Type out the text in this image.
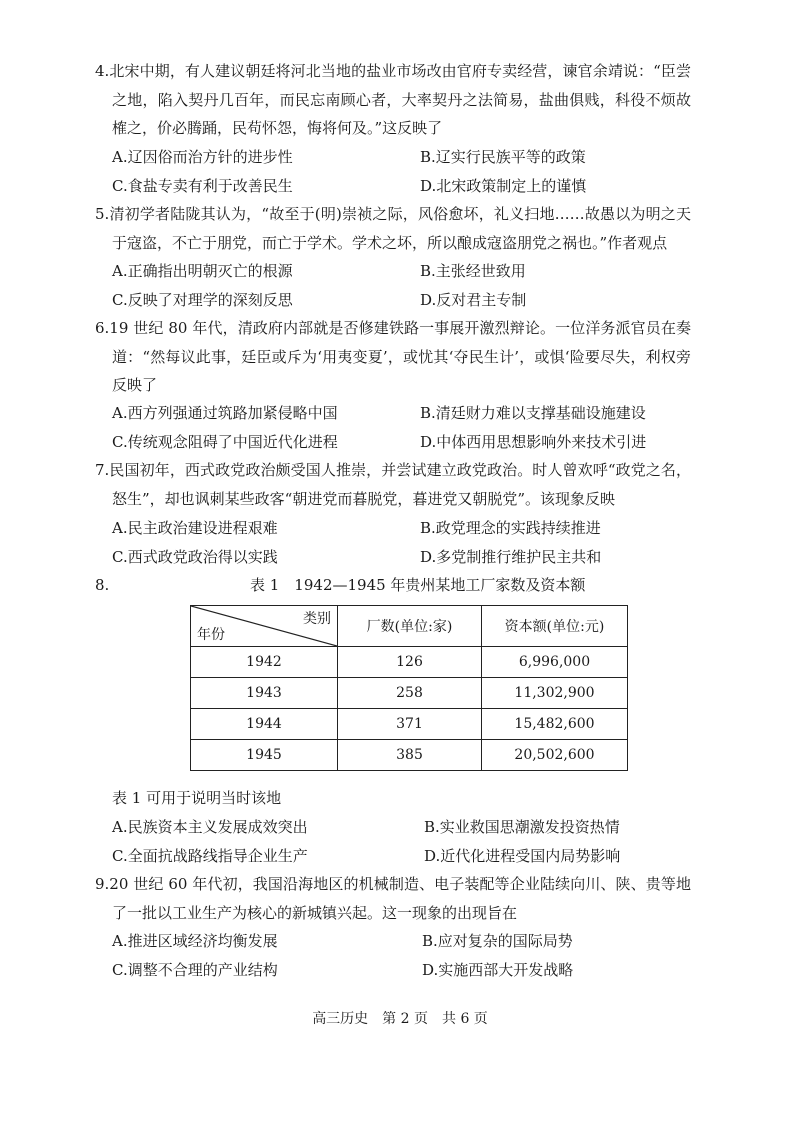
4.北宋中期，有人建议朝廷将河北当地的盐业市场改由官府专卖经营，谏官余靖说：“臣尝
之地，陷入契丹几百年，而民忘南顾心者，大率契丹之法简易，盐曲俱贱，科役不烦故
榷之，价必腾踊，民苟怀怨，悔将何及。”这反映了
A.辽因俗而治方针的进步性	B.辽实行民族平等的政策
C.食盐专卖有利于改善民生	D.北宋政策制定上的谨慎
5.清初学者陆陇其认为，“故至于(明)崇祯之际，风俗愈坏，礼义扫地……故愚以为明之天
于寇盗，不亡于朋党，而亡于学术。学术之坏，所以酿成寇盗朋党之祸也。”作者观点
A.正确指出明朝灭亡的根源	B.主张经世致用
C.反映了对理学的深刻反思	D.反对君主专制
6.19 世纪 80 年代，清政府内部就是否修建铁路一事展开激烈辩论。一位洋务派官员在奏
道：“然每议此事，廷臣或斥为‘用夷变夏’，或忧其‘夺民生计’，或惧‘险要尽失，利权旁
反映了
A.西方列强通过筑路加紧侵略中国	B.清廷财力难以支撑基础设施建设
C.传统观念阻碍了中国近代化进程	D.中体西用思想影响外来技术引进
7.民国初年，西式政党政治颇受国人推崇，并尝试建立政党政治。时人曾欢呼“政党之名，
怒生”，却也讽刺某些政客“朝进党而暮脱党，暮进党又朝脱党”。该现象反映
A.民主政治建设进程艰难	B.政党理念的实践持续推进
C.西式政党政治得以实践	D.多党制推行维护民主共和
8.	表 1　1942—1945 年贵州某地工厂家数及资本额
类别
年份	厂数(单位:家)	资本额(单位:元)
1942	126	6,996,000
1943	258	11,302,900
1944	371	15,482,600
1945	385	20,502,600
表 1 可用于说明当时该地
A.民族资本主义发展成效突出	B.实业救国思潮激发投资热情
C.全面抗战路线指导企业生产	D.近代化进程受国内局势影响
9.20 世纪 60 年代初，我国沿海地区的机械制造、电子装配等企业陆续向川、陕、贵等地
了一批以工业生产为核心的新城镇兴起。这一现象的出现旨在
A.推进区域经济均衡发展	B.应对复杂的国际局势
C.调整不合理的产业结构	D.实施西部大开发战略
高三历史　第 2 页　共 6 页
